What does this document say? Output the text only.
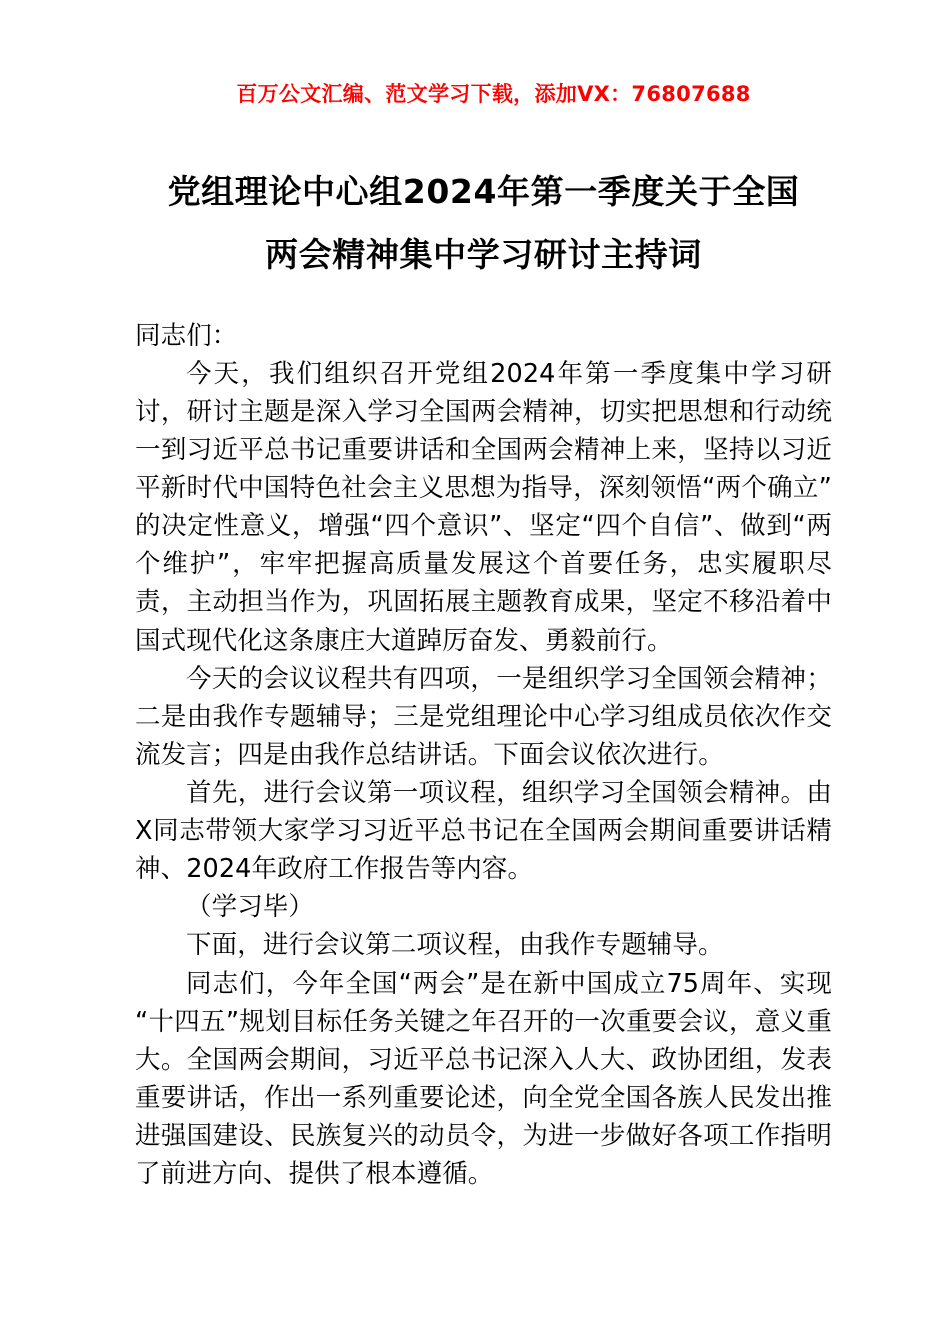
百万公文汇编、范文学习下载，添加VX：76807688
党组理论中心组2024年第一季度关于全国
两会精神集中学习研讨主持词

同志们：

今天，我们组织召开党组2024年第一季度集中学习研讨，研讨主题是深入学习全国两会精神，切实把思想和行动统一到习近平总书记重要讲话和全国两会精神上来，坚持以习近平新时代中国特色社会主义思想为指导，深刻领悟“两个确立”的决定性意义，增强“四个意识”、坚定“四个自信”、做到“两个维护”，牢牢把握高质量发展这个首要任务，忠实履职尽责，主动担当作为，巩固拓展主题教育成果，坚定不移沿着中国式现代化这条康庄大道踔厉奋发、勇毅前行。

今天的会议议程共有四项，一是组织学习全国领会精神；二是由我作专题辅导；三是党组理论中心学习组成员依次作交流发言；四是由我作总结讲话。下面会议依次进行。

首先，进行会议第一项议程，组织学习全国领会精神。由X同志带领大家学习习近平总书记在全国两会期间重要讲话精神、2024年政府工作报告等内容。

（学习毕）

下面，进行会议第二项议程，由我作专题辅导。

同志们，今年全国“两会”是在新中国成立75周年、实现“十四五”规划目标任务关键之年召开的一次重要会议，意义重大。全国两会期间，习近平总书记深入人大、政协团组，发表重要讲话，作出一系列重要论述，向全党全国各族人民发出推进强国建设、民族复兴的动员令，为进一步做好各项工作指明了前进方向、提供了根本遵循。
